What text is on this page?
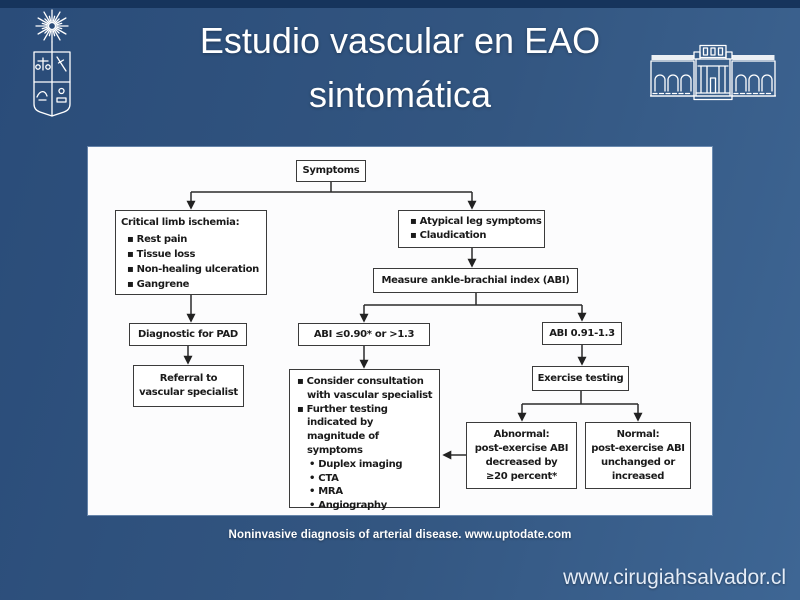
Estudio vascular en EAO
sintomática
Symptoms
Critical limb ischemia:
▪ Rest pain
▪ Tissue loss
▪ Non-healing ulceration
▪ Gangrene
▪ Atypical leg symptoms
▪ Claudication
Measure ankle-brachial index (ABI)
Diagnostic for PAD	ABI ≤0.90* or >1.3	ABI 0.91-1.3
Referral to
vascular specialist
▪ Consider consultation with vascular specialist
▪ Further testing indicated by magnitude of symptoms
• Duplex imaging
• CTA
• MRA
• Angiography
Exercise testing
Abnormal:
post-exercise ABI
decreased by
≥20 percent*
Normal:
post-exercise ABI
unchanged or
increased
Noninvasive diagnosis of arterial disease. www.uptodate.com
www.cirugiahsalvador.cl
